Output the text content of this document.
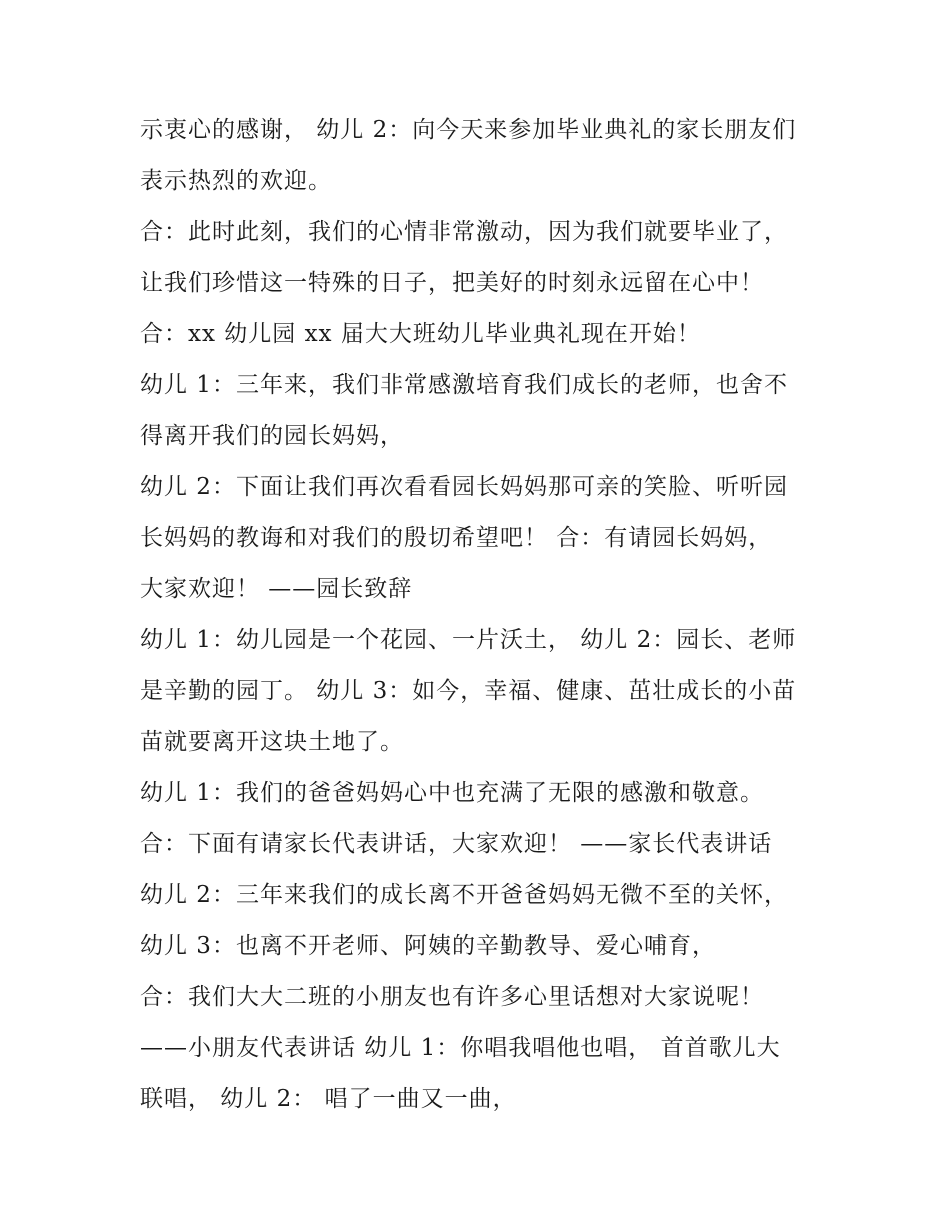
示衷心的感谢， 幼儿 2：向今天来参加毕业典礼的家长朋友们
表示热烈的欢迎。
合：此时此刻，我们的心情非常激动，因为我们就要毕业了，
让我们珍惜这一特殊的日子，把美好的时刻永远留在心中！
合：xx 幼儿园 xx 届大大班幼儿毕业典礼现在开始！
幼儿 1：三年来，我们非常感激培育我们成长的老师，也舍不
得离开我们的园长妈妈，
幼儿 2：下面让我们再次看看园长妈妈那可亲的笑脸、听听园
长妈妈的教诲和对我们的殷切希望吧！ 合：有请园长妈妈，
大家欢迎！ ——园长致辞
幼儿 1：幼儿园是一个花园、一片沃土， 幼儿 2：园长、老师
是辛勤的园丁。 幼儿 3：如今，幸福、健康、茁壮成长的小苗
苗就要离开这块土地了。
幼儿 1：我们的爸爸妈妈心中也充满了无限的感激和敬意。
合：下面有请家长代表讲话，大家欢迎！ ——家长代表讲话
幼儿 2：三年来我们的成长离不开爸爸妈妈无微不至的关怀，
幼儿 3：也离不开老师、阿姨的辛勤教导、爱心哺育，
合：我们大大二班的小朋友也有许多心里话想对大家说呢！
——小朋友代表讲话 幼儿 1：你唱我唱他也唱， 首首歌儿大
联唱， 幼儿 2： 唱了一曲又一曲，
